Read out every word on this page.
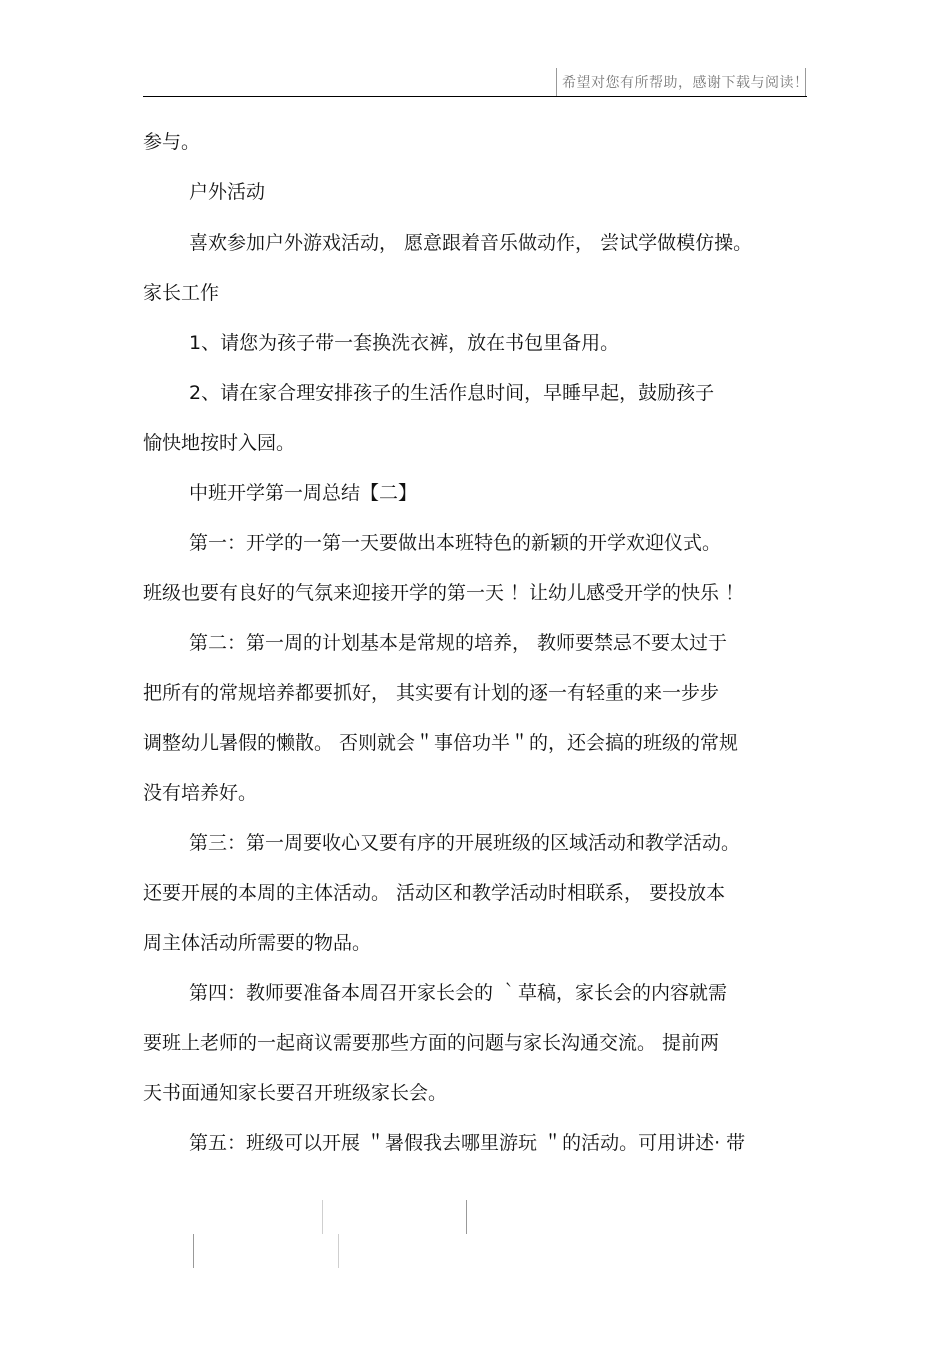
希望对您有所帮助，感谢下载与阅读！
参与。
户外活动
喜欢参加户外游戏活动， 愿意跟着音乐做动作， 尝试学做模仿操。
家长工作
1、请您为孩子带一套换洗衣裤，放在书包里备用。
2、请在家合理安排孩子的生活作息时间，早睡早起，鼓励孩子
愉快地按时入园。
中班开学第一周总结【二】
第一：开学的一第一天要做出本班特色的新颖的开学欢迎仪式。
班级也要有良好的气氛来迎接开学的第一天 ！让幼儿感受开学的快乐 ！
第二：第一周的计划基本是常规的培养， 教师要禁忌不要太过于
把所有的常规培养都要抓好， 其实要有计划的逐一有轻重的来一步步
调整幼儿暑假的懒散。 否则就会＂事倍功半＂的，还会搞的班级的常规
没有培养好。
第三：第一周要收心又要有序的开展班级的区域活动和教学活动。
还要开展的本周的主体活动。 活动区和教学活动时相联系， 要投放本
周主体活动所需要的物品。
第四：教师要准备本周召开家长会的 ｀草稿，家长会的内容就需
要班上老师的一起商议需要那些方面的问题与家长沟通交流。 提前两
天书面通知家长要召开班级家长会。
第五：班级可以开展 ＂暑假我去哪里游玩 ＂的活动。可用讲述· 带
